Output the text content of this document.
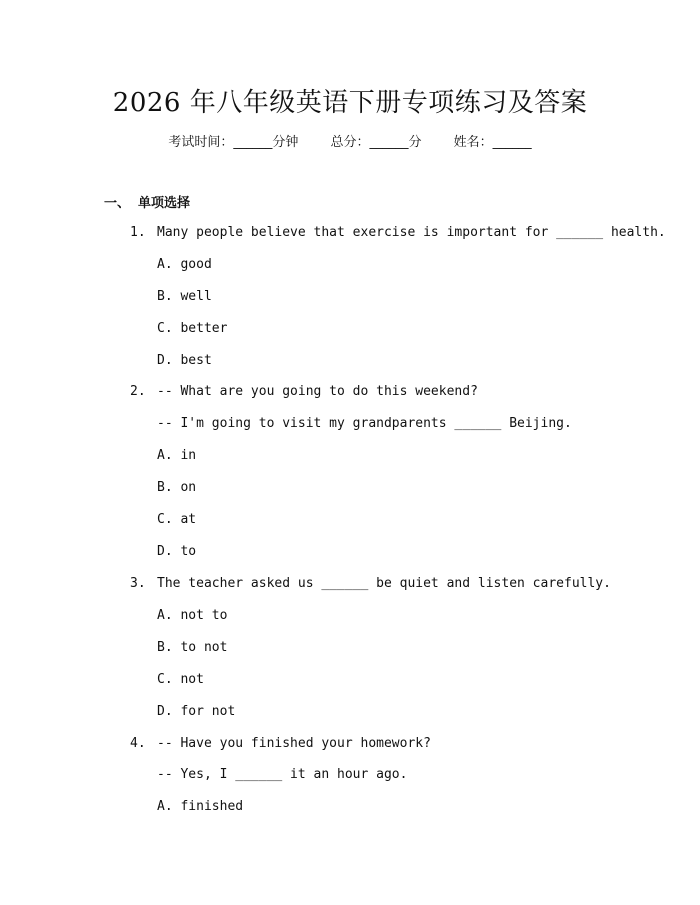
2026 年八年级英语下册专项练习及答案
考试时间：______分钟 总分：______分 姓名：______
一、 单项选择
1. Many people believe that exercise is important for ______ health.
A. good
B. well
C. better
D. best
2. -- What are you going to do this weekend?
-- I'm going to visit my grandparents ______ Beijing.
A. in
B. on
C. at
D. to
3. The teacher asked us ______ be quiet and listen carefully.
A. not to
B. to not
C. not
D. for not
4. -- Have you finished your homework?
-- Yes, I ______ it an hour ago.
A. finished
